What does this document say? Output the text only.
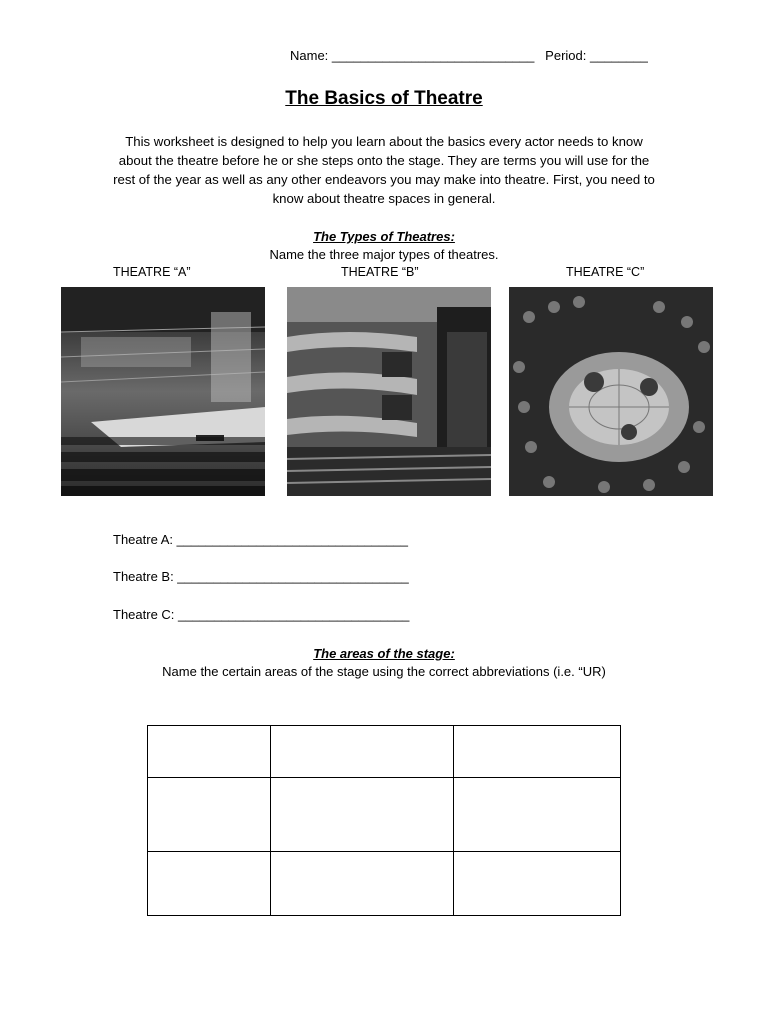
Name: ____________________________   Period: ________
The Basics of Theatre
This worksheet is designed to help you learn about the basics every actor needs to know about the theatre before he or she steps onto the stage. They are terms you will use for the rest of the year as well as any other endeavors you may make into theatre. First, you need to know about theatre spaces in general.
The Types of Theatres:
Name the three major types of theatres.
THEATRE “A”	THEATRE “B”	THEATRE “C”
Theatre A: ________________________________
Theatre B: ________________________________
Theatre C: ________________________________
The areas of the stage:
Name the certain areas of the stage using the correct abbreviations (i.e. “UR)
